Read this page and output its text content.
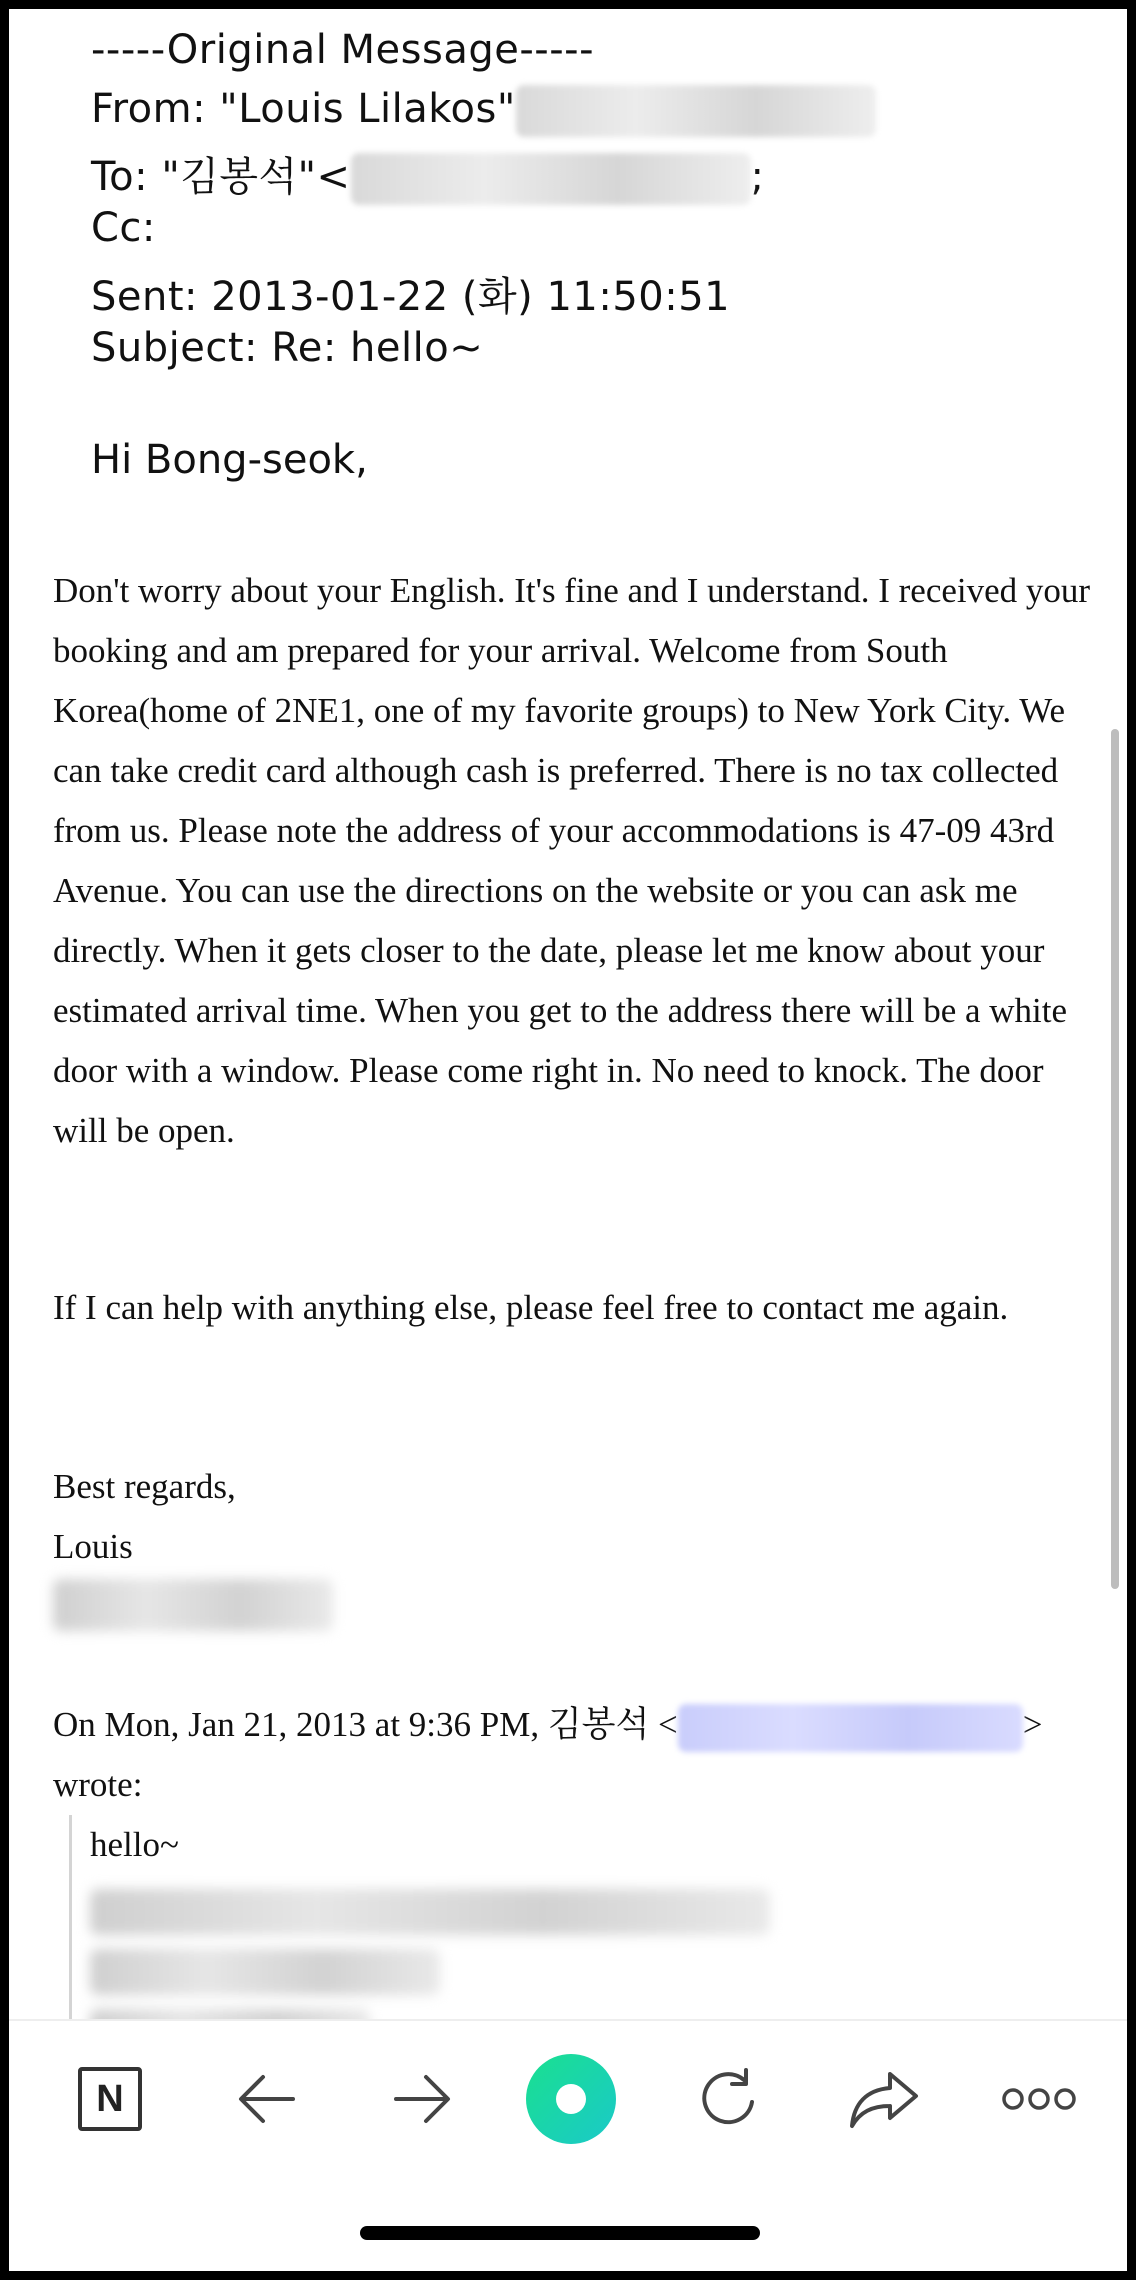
-----Original Message-----
From: "Louis Lilakos"
To: "김봉석"<	;
Cc:
Sent: 2013-01-22 (화) 11:50:51
Subject: Re: hello~
Hi Bong-seok,
Don't worry about your English. It's fine and I understand. I received your booking and am prepared for your arrival. Welcome from South Korea(home of 2NE1, one of my favorite groups) to New York City. We can take credit card although cash is preferred. There is no tax collected from us. Please note the address of your accommodations is 47-09 43rd Avenue. You can use the directions on the website or you can ask me directly. When it gets closer to the date, please let me know about your estimated arrival time. When you get to the address there will be a white door with a window. Please come right in. No need to knock. The door will be open.
If I can help with anything else, please feel free to contact me again.
Best regards,
Louis
On Mon, Jan 21, 2013 at 9:36 PM, 김봉석 <	>
wrote:
hello~
N
